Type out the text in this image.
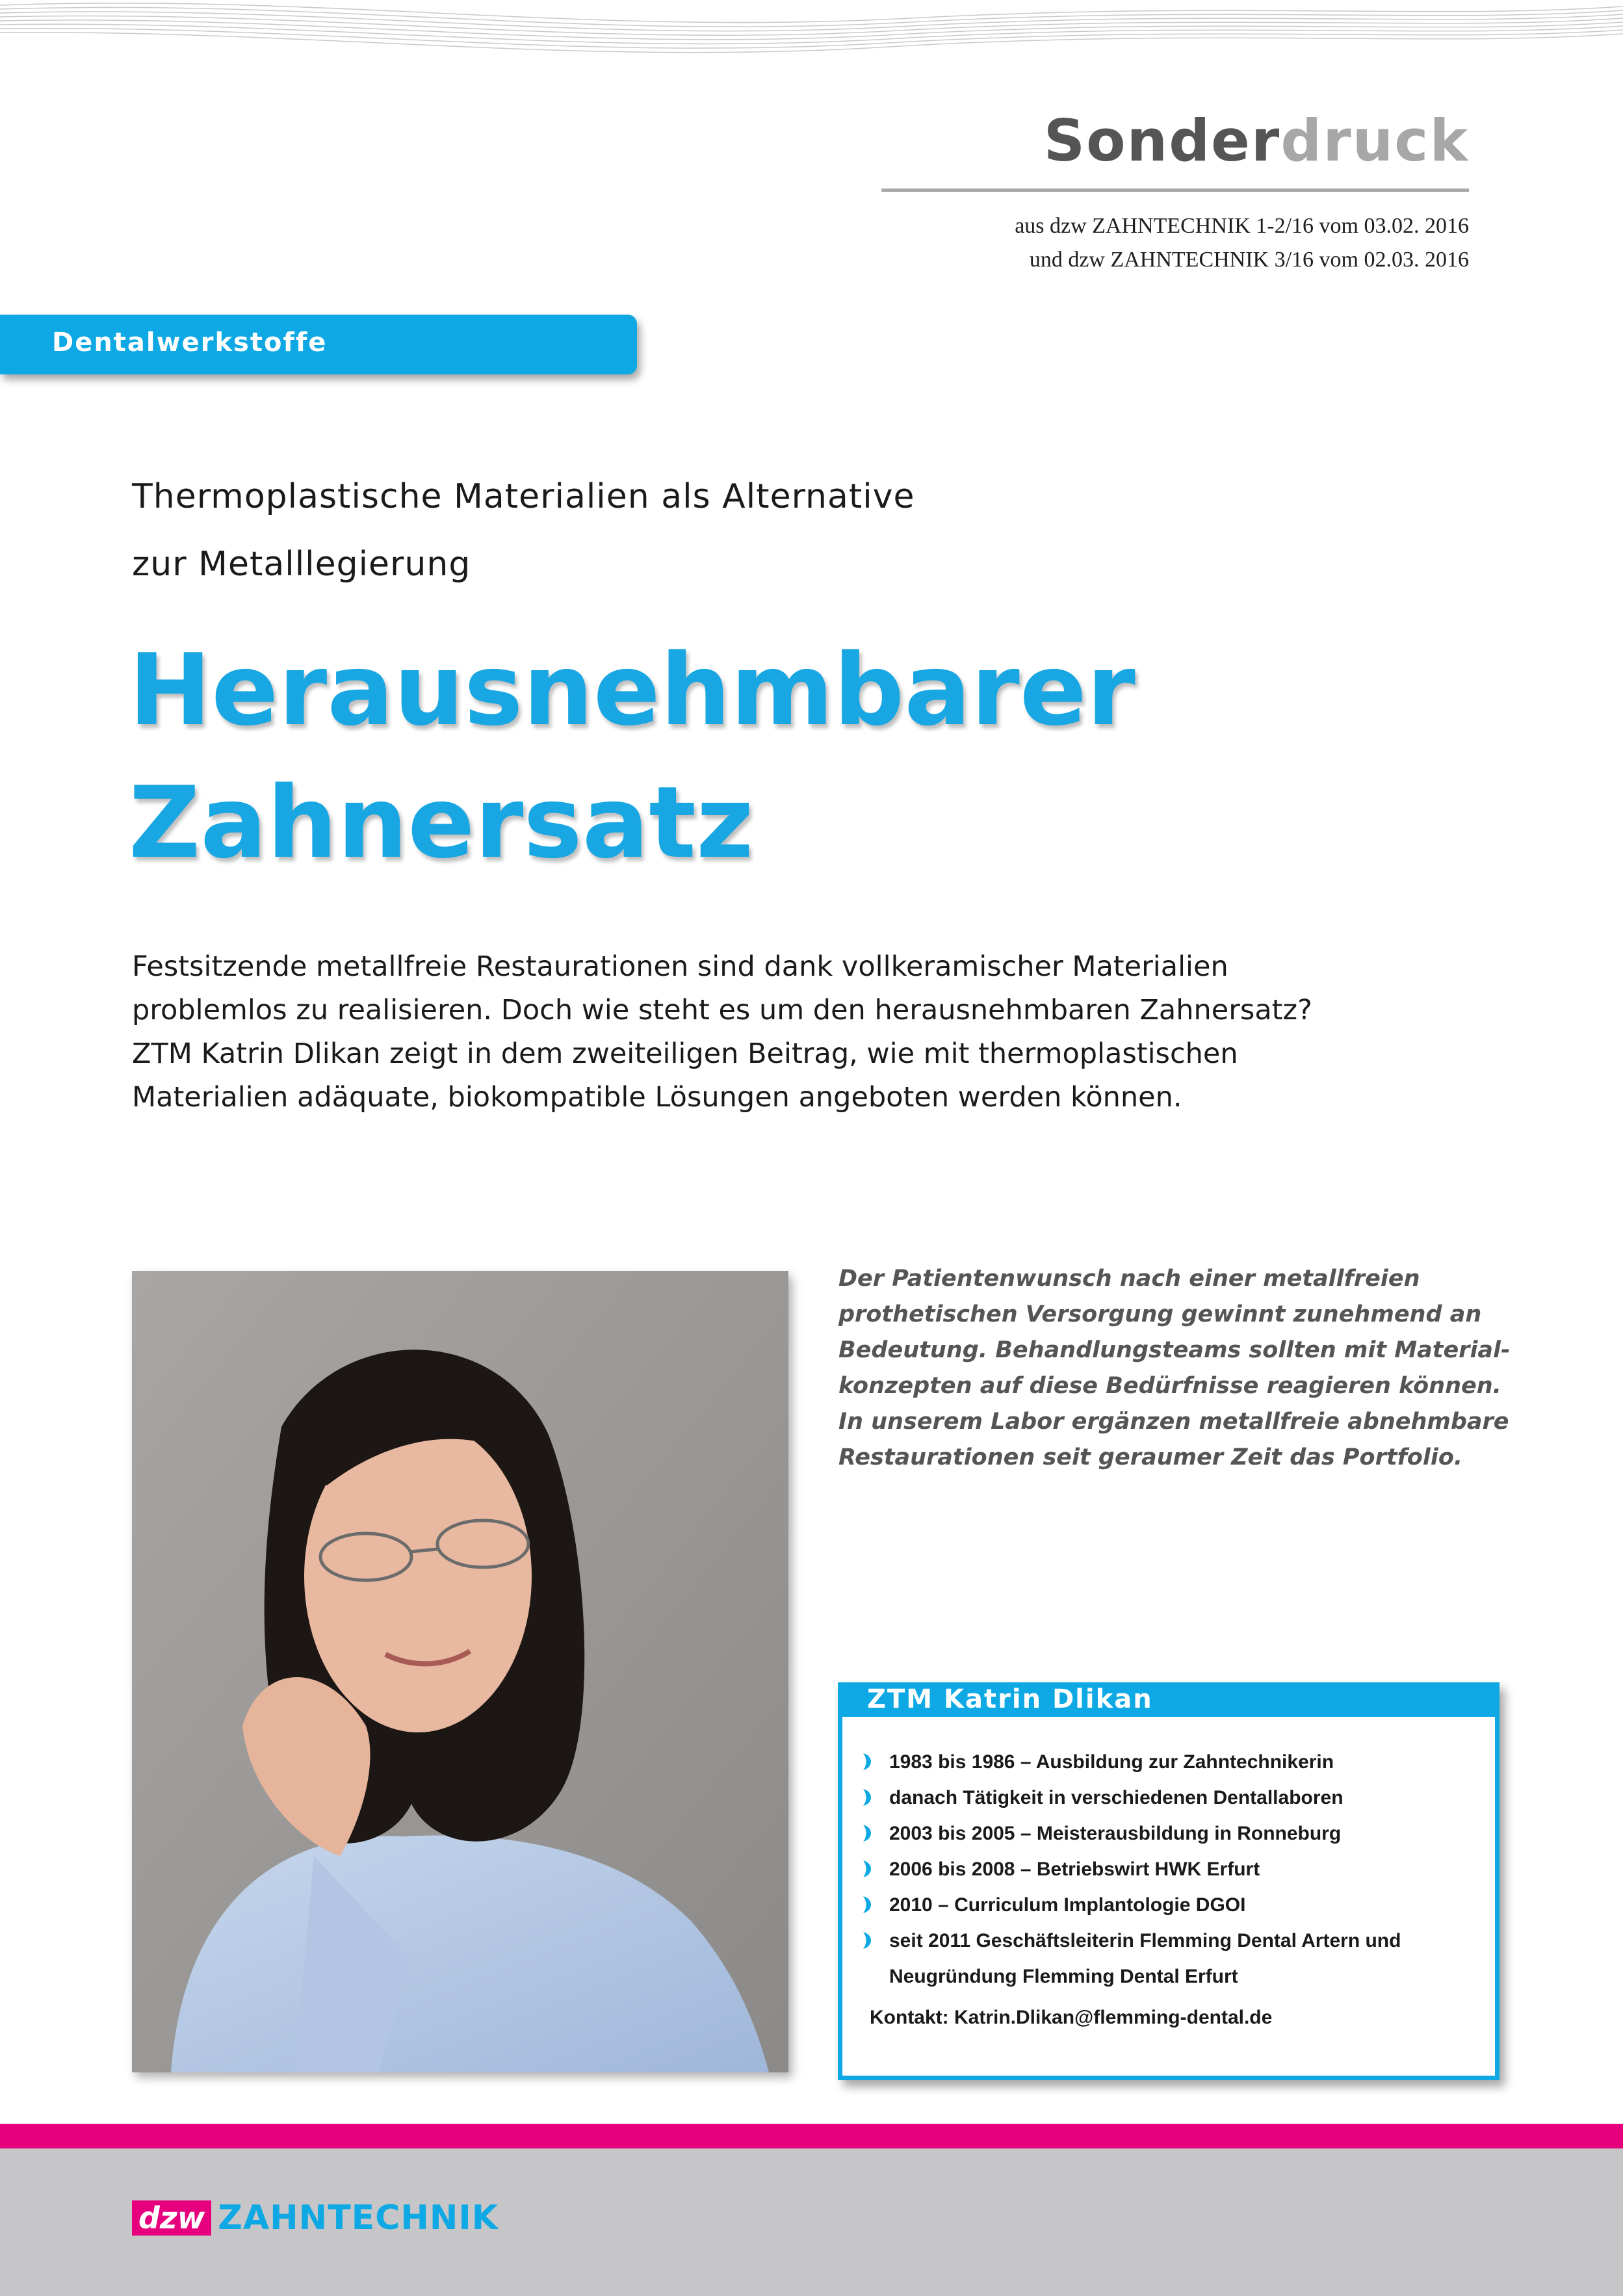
Sonderdruck
aus dzw ZAHNTECHNIK 1-2/16 vom 03.02. 2016
und dzw ZAHNTECHNIK 3/16 vom 02.03. 2016
Dentalwerkstoffe
Thermoplastische Materialien als Alternative
zur Metalllegierung
Herausnehmbarer
Zahnersatz
Festsitzende metallfreie Restaurationen sind dank vollkeramischer Materialien
problemlos zu realisieren. Doch wie steht es um den herausnehmbaren Zahnersatz?
ZTM Katrin Dlikan zeigt in dem zweiteiligen Beitrag, wie mit thermoplastischen
Materialien adäquate, biokompatible Lösungen angeboten werden können.
Der Patientenwunsch nach einer metallfreien
prothetischen Versorgung gewinnt zunehmend an
Bedeutung. Behandlungsteams sollten mit Material-
konzepten auf diese Bedürfnisse reagieren können.
In unserem Labor ergänzen metallfreie abnehmbare
Restaurationen seit geraumer Zeit das Portfolio.
ZTM Katrin Dlikan
1983 bis 1986 – Ausbildung zur Zahntechnikerin
danach Tätigkeit in verschiedenen Dentallaboren
2003 bis 2005 – Meisterausbildung in Ronneburg
2006 bis 2008 – Betriebswirt HWK Erfurt
2010 – Curriculum Implantologie DGOI
seit 2011 Geschäftsleiterin Flemming Dental Artern und
Neugründung Flemming Dental Erfurt
Kontakt: Katrin.Dlikan@flemming-dental.de
dzw ZAHNTECHNIK
